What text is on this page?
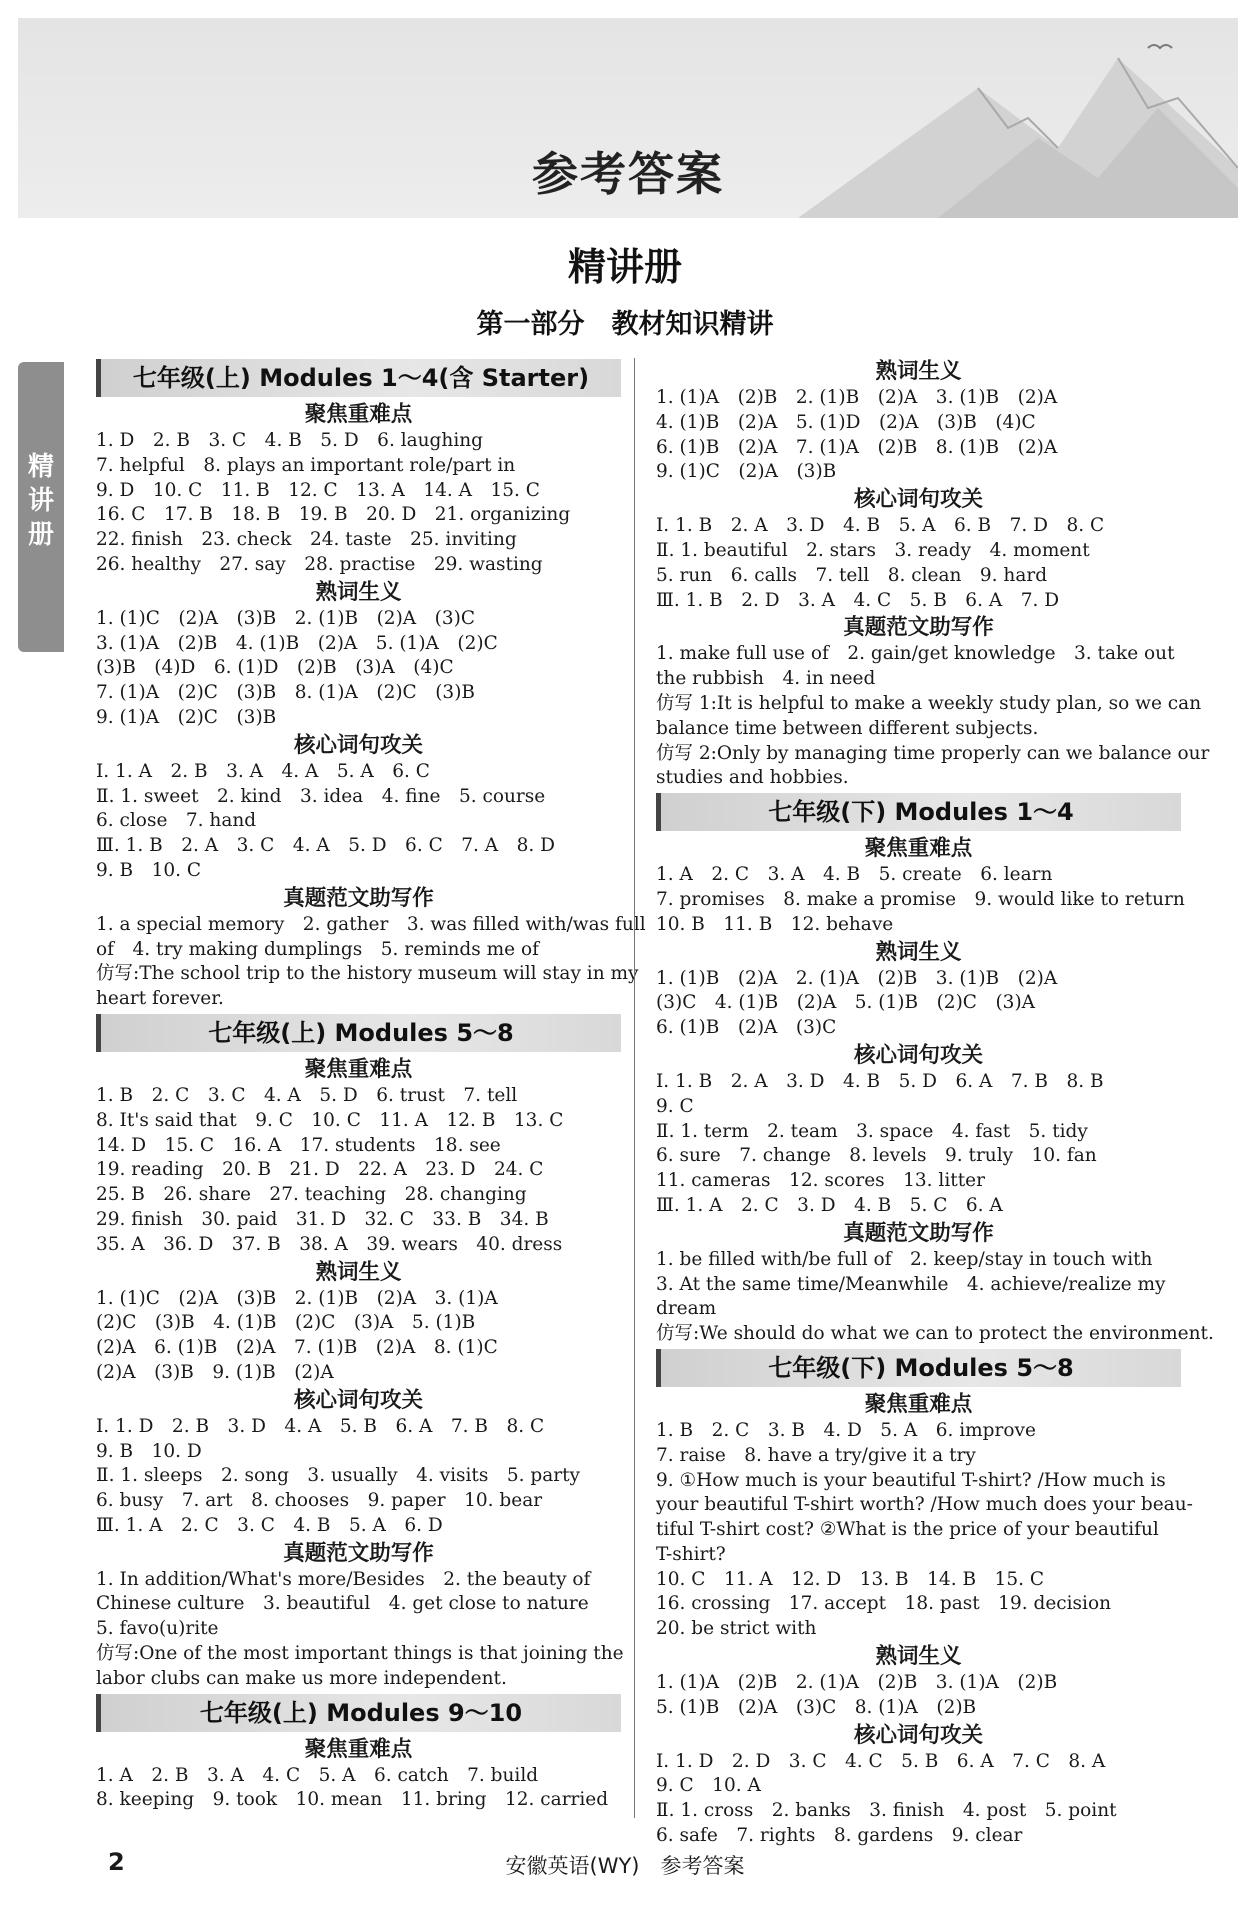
参考答案
精讲册
第一部分　教材知识精讲
精
讲
册
七年级(上) Modules 1～4(含 Starter)
聚焦重难点
1. D　2. B　3. C　4. B　5. D　6. laughing
7. helpful　8. plays an important role/part in
9. D　10. C　11. B　12. C　13. A　14. A　15. C
16. C　17. B　18. B　19. B　20. D　21. organizing
22. finish　23. check　24. taste　25. inviting
26. healthy　27. say　28. practise　29. wasting
熟词生义
1. (1)C　(2)A　(3)B　2. (1)B　(2)A　(3)C
3. (1)A　(2)B　4. (1)B　(2)A　5. (1)A　(2)C
(3)B　(4)D　6. (1)D　(2)B　(3)A　(4)C
7. (1)A　(2)C　(3)B　8. (1)A　(2)C　(3)B
9. (1)A　(2)C　(3)B
核心词句攻关
Ⅰ. 1. A　2. B　3. A　4. A　5. A　6. C
Ⅱ. 1. sweet　2. kind　3. idea　4. fine　5. course
6. close　7. hand
Ⅲ. 1. B　2. A　3. C　4. A　5. D　6. C　7. A　8. D
9. B　10. C
真题范文助写作
1. a special memory　2. gather　3. was filled with/was full
of　4. try making dumplings　5. reminds me of
仿写:The school trip to the history museum will stay in my
heart forever.
七年级(上) Modules 5～8
聚焦重难点
1. B　2. C　3. C　4. A　5. D　6. trust　7. tell
8. It's said that　9. C　10. C　11. A　12. B　13. C
14. D　15. C　16. A　17. students　18. see
19. reading　20. B　21. D　22. A　23. D　24. C
25. B　26. share　27. teaching　28. changing
29. finish　30. paid　31. D　32. C　33. B　34. B
35. A　36. D　37. B　38. A　39. wears　40. dress
熟词生义
1. (1)C　(2)A　(3)B　2. (1)B　(2)A　3. (1)A
(2)C　(3)B　4. (1)B　(2)C　(3)A　5. (1)B
(2)A　6. (1)B　(2)A　7. (1)B　(2)A　8. (1)C
(2)A　(3)B　9. (1)B　(2)A
核心词句攻关
Ⅰ. 1. D　2. B　3. D　4. A　5. B　6. A　7. B　8. C
9. B　10. D
Ⅱ. 1. sleeps　2. song　3. usually　4. visits　5. party
6. busy　7. art　8. chooses　9. paper　10. bear
Ⅲ. 1. A　2. C　3. C　4. B　5. A　6. D
真题范文助写作
1. In addition/What's more/Besides　2. the beauty of
Chinese culture　3. beautiful　4. get close to nature
5. favo(u)rite
仿写:One of the most important things is that joining the
labor clubs can make us more independent.
七年级(上) Modules 9～10
聚焦重难点
1. A　2. B　3. A　4. C　5. A　6. catch　7. build
8. keeping　9. took　10. mean　11. bring　12. carried
熟词生义
1. (1)A　(2)B　2. (1)B　(2)A　3. (1)B　(2)A
4. (1)B　(2)A　5. (1)D　(2)A　(3)B　(4)C
6. (1)B　(2)A　7. (1)A　(2)B　8. (1)B　(2)A
9. (1)C　(2)A　(3)B
核心词句攻关
Ⅰ. 1. B　2. A　3. D　4. B　5. A　6. B　7. D　8. C
Ⅱ. 1. beautiful　2. stars　3. ready　4. moment
5. run　6. calls　7. tell　8. clean　9. hard
Ⅲ. 1. B　2. D　3. A　4. C　5. B　6. A　7. D
真题范文助写作
1. make full use of　2. gain/get knowledge　3. take out
the rubbish　4. in need
仿写 1:It is helpful to make a weekly study plan, so we can
balance time between different subjects.
仿写 2:Only by managing time properly can we balance our
studies and hobbies.
七年级(下) Modules 1～4
聚焦重难点
1. A　2. C　3. A　4. B　5. create　6. learn
7. promises　8. make a promise　9. would like to return
10. B　11. B　12. behave
熟词生义
1. (1)B　(2)A　2. (1)A　(2)B　3. (1)B　(2)A
(3)C　4. (1)B　(2)A　5. (1)B　(2)C　(3)A
6. (1)B　(2)A　(3)C
核心词句攻关
Ⅰ. 1. B　2. A　3. D　4. B　5. D　6. A　7. B　8. B
9. C
Ⅱ. 1. term　2. team　3. space　4. fast　5. tidy
6. sure　7. change　8. levels　9. truly　10. fan
11. cameras　12. scores　13. litter
Ⅲ. 1. A　2. C　3. D　4. B　5. C　6. A
真题范文助写作
1. be filled with/be full of　2. keep/stay in touch with
3. At the same time/Meanwhile　4. achieve/realize my
dream
仿写:We should do what we can to protect the environment.
七年级(下) Modules 5～8
聚焦重难点
1. B　2. C　3. B　4. D　5. A　6. improve
7. raise　8. have a try/give it a try
9. ①How much is your beautiful T-shirt? /How much is
your beautiful T-shirt worth? /How much does your beau-
tiful T-shirt cost? ②What is the price of your beautiful
T-shirt?
10. C　11. A　12. D　13. B　14. B　15. C
16. crossing　17. accept　18. past　19. decision
20. be strict with
熟词生义
1. (1)A　(2)B　2. (1)A　(2)B　3. (1)A　(2)B
5. (1)B　(2)A　(3)C　8. (1)A　(2)B
核心词句攻关
Ⅰ. 1. D　2. D　3. C　4. C　5. B　6. A　7. C　8. A
9. C　10. A
Ⅱ. 1. cross　2. banks　3. finish　4. post　5. point
6. safe　7. rights　8. gardens　9. clear
2	安徽英语(WY)　参考答案
